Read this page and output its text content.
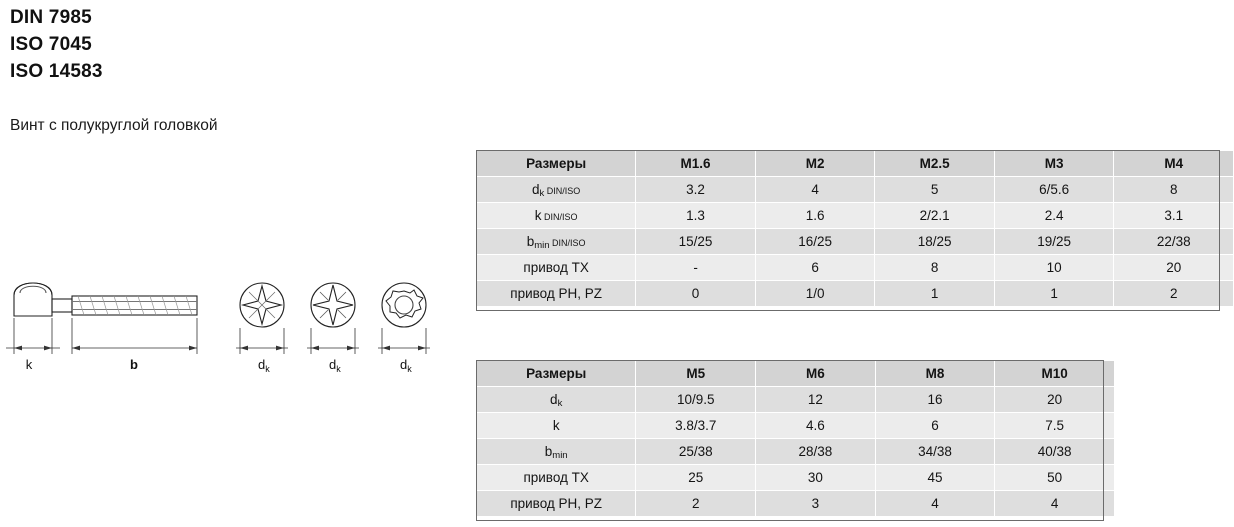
DIN 7985
ISO 7045
ISO 14583
Винт с полукруглой головкой
k	b	$d_k$	$d_k$	$d_k$
Размеры	M1.6	M2	M2.5	M3	M4
dk DIN/ISO	3.2	4	5	6/5.6	8
k DIN/ISO	1.3	1.6	2/2.1	2.4	3.1
bmin DIN/ISO	15/25	16/25	18/25	19/25	22/38
привод TX	-	6	8	10	20
привод PH, PZ	0	1/0	1	1	2
Размеры	M5	M6	M8	M10	
dk	10/9.5	12	16	20	
k	3.8/3.7	4.6	6	7.5	
bmin	25/38	28/38	34/38	40/38	
привод TX	25	30	45	50	
привод PH, PZ	2	3	4	4	
